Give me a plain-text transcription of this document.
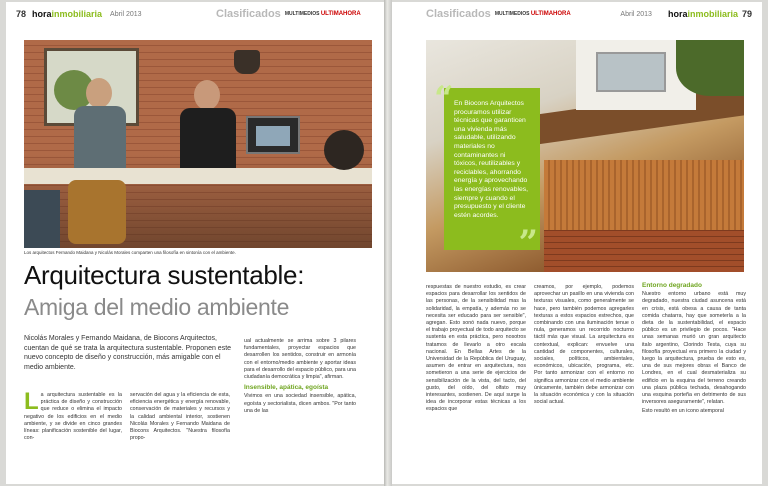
78 horainmobiliaria Abril 2013	Clasificados MULTIMEDIOS ULTIMAHORA
Los arquitectos Fernando Maidana y Nicolás Morales comparten una filosofía en sintonía con el ambiente.
Arquitectura sustentable:
Amiga del medio ambiente
Nicolás Morales y Fernando Maidana, de Biocons Arquitectos, cuentan de qué se trata la arquitectura sustentable. Proponen este nuevo concepto de diseño y construcción, más amigable con el medio ambiente.
L a arquitectura sustentable es la práctica de diseño y construcción que reduce o elimina el impacto negativo de los edificios en el medio ambiente, y se divide en cinco grandes líneas: planificación sostenible del lugar, con-
servación del agua y la eficiencia de esta, eficiencia energética y energía renovable, conservación de materiales y recursos y la calidad ambiental interior, sostienen Nicolás Morales y Fernando Maidana de Biocons Arquitectos. "Nuestra filosofía propo-

ual actualmente se arrima sobre 3 pilares fundamentales, proyectar espacios que desarrollen los sentidos, construir en armonía con el entorno/medio ambiente y aportar ideas para el desarrollo del espacio público, para una ciudadanía democrática y limpia", afirman.

Insensible, apática, egoísta

Vivimos en una sociedad insensible, apática, egoísta y sectorialista, dicen ambos. "Por tanto una de las

Clasificados MULTIMEDIOS ULTIMAHORA	Abril 2013 horainmobiliaria 79
“ En Biocons Arquitectos procuramos utilizar técnicas que garanticen una vivienda más saludable, utilizando materiales no contaminantes ni tóxicos, reutilizables y reciclables, ahorrando energía y aprovechando las energías renovables, siempre y cuando el presupuesto y el cliente estén acordes.
”
respuestas de nuestro estudio, es crear espacios para desarrollar los sentidos de las personas, de la sensibilidad mas la solidaridad, la empatía, y además no se necesita ser educado para ser sensible", agregan. Esto sonó nada nuevo, porque el trabajo proyectual de todo arquitecto se sustenta en esta práctica, pero nosotros tratamos de llevarlo a otro escala nacional. En Bellas Artes de la Universidad de la República del Uruguay, asumen de entrar en arquitectura, nos sometieron a una serie de ejercicios de sensibilización de la vista, del tacto, del gusto, del oído, del olfato muy interesantes, sostienen. De aquí surge la idea de incorporar estas técnicas a los espacios que
creamos, por ejemplo, podemos aprovechar un pasillo en una vivienda con texturas visuales, como generalmente se hace, pero también podemos agregarles texturas a estos espacios estrechos, que combinando con una iluminación tenue o nula, generamos un recorrido nocturno táctil más que visual. La arquitectura es contextual, explican: envuelve una cantidad de componentes, culturales, sociales, políticos, ambientales, económicos, ubicación, programa, etc. Por tanto armonizar con el entorno no significa armonizar con el medio ambiente únicamente, también debe armonizar con la situación económica y con la situación social actual.
Entorno degradado

Nuestro entorno urbano está muy degradado, nuestra ciudad asuncena está en crisis, está obesa a causa de tanta comida chatarra, hay que someterla a la dieta de la sustentabilidad, el espacio público es un privilegio de pocos. "Hace unas semanas murió un gran arquitecto italo argentino, Clorindo Testa, cuya su filosofía proyectual era primero la ciudad y luego la arquitectura, prueba de esto es, una de sus mejores obras el Banco de Londres, en el cual desmaterializa su edificio en la esquina del terreno creando una plaza pública techada, desahogando una esquina porteña en detrimento de sus inversores asegurarnente", relatan.

Esto resultó en un icono atemporal
